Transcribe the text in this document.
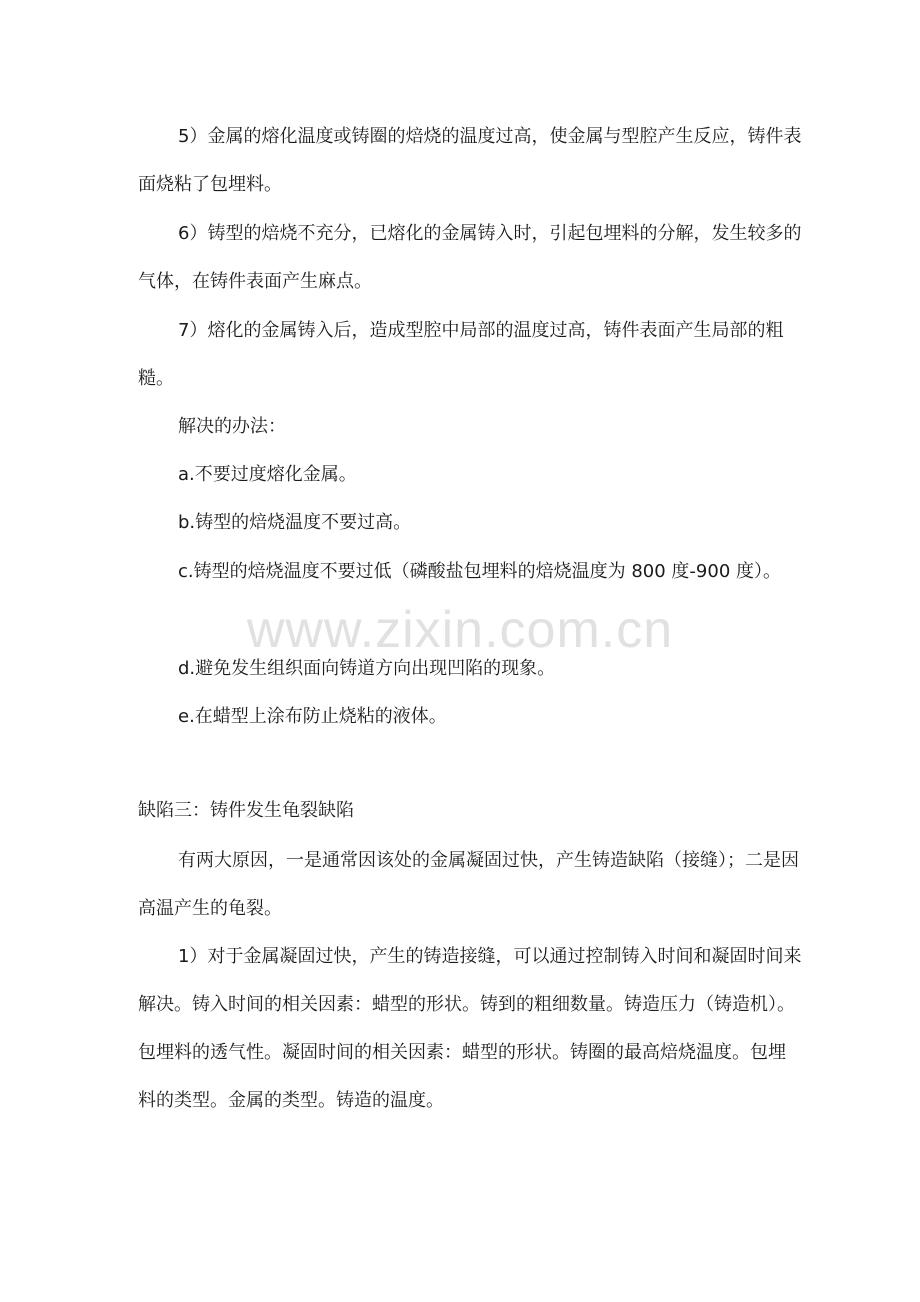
www.zixin.com.cn

5）金属的熔化温度或铸圈的焙烧的温度过高，使金属与型腔产生反应，铸件表面烧粘了包埋料。

6）铸型的焙烧不充分，已熔化的金属铸入时，引起包埋料的分解，发生较多的气体，在铸件表面产生麻点。

7）熔化的金属铸入后，造成型腔中局部的温度过高，铸件表面产生局部的粗糙。

解决的办法：

a.不要过度熔化金属。

b.铸型的焙烧温度不要过高。

c.铸型的焙烧温度不要过低（磷酸盐包埋料的焙烧温度为 800 度-900 度）。

d.避免发生组织面向铸道方向出现凹陷的现象。

e.在蜡型上涂布防止烧粘的液体。

缺陷三：铸件发生龟裂缺陷

有两大原因，一是通常因该处的金属凝固过快，产生铸造缺陷（接缝）；二是因高温产生的龟裂。

1）对于金属凝固过快，产生的铸造接缝，可以通过控制铸入时间和凝固时间来解决。铸入时间的相关因素：蜡型的形状。铸到的粗细数量。铸造压力（铸造机）。包埋料的透气性。凝固时间的相关因素：蜡型的形状。铸圈的最高焙烧温度。包埋料的类型。金属的类型。铸造的温度。
